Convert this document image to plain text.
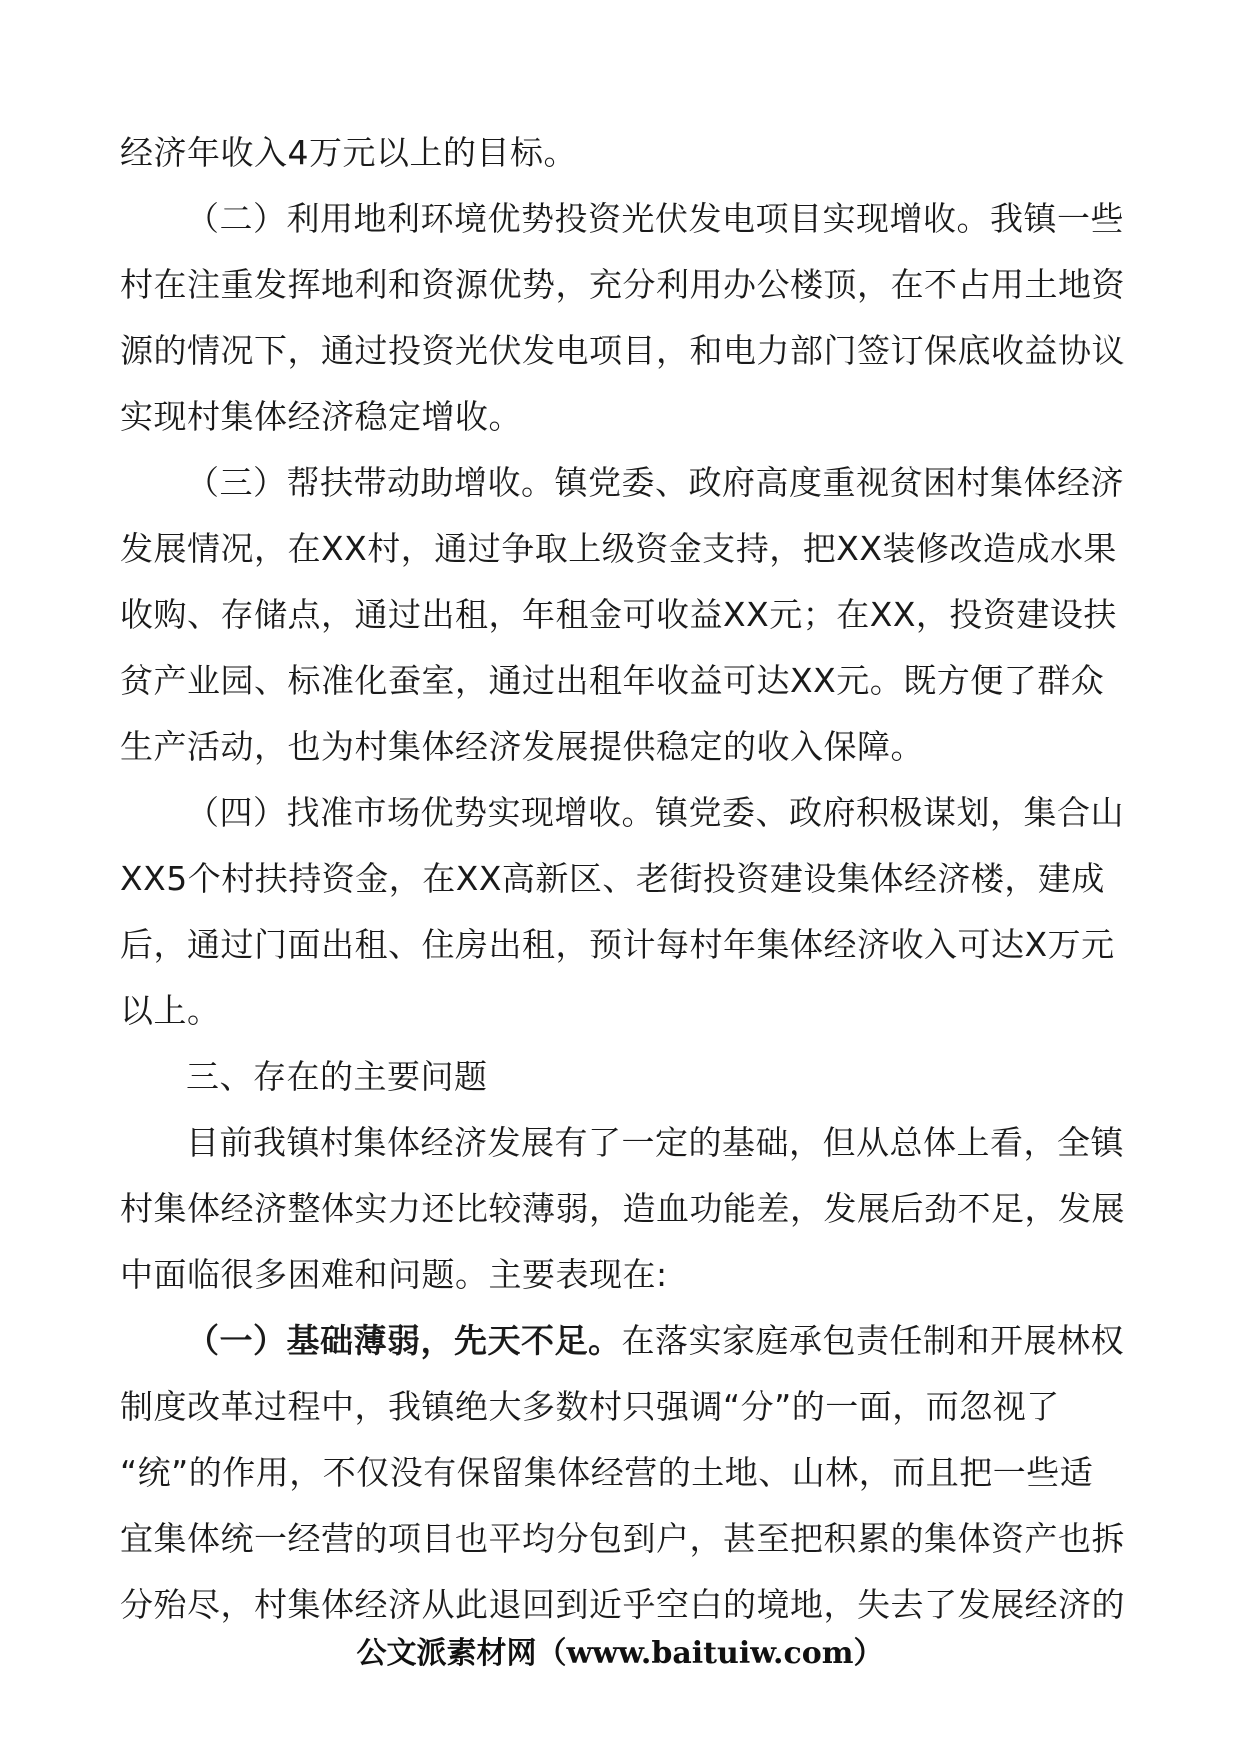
经济年收入4万元以上的目标。
（二）利用地利环境优势投资光伏发电项目实现增收。我镇一些
村在注重发挥地利和资源优势，充分利用办公楼顶，在不占用土地资
源的情况下，通过投资光伏发电项目，和电力部门签订保底收益协议
实现村集体经济稳定增收。
（三）帮扶带动助增收。镇党委、政府高度重视贫困村集体经济
发展情况，在XX村，通过争取上级资金支持，把XX装修改造成水果
收购、存储点，通过出租，年租金可收益XX元；在XX，投资建设扶
贫产业园、标准化蚕室，通过出租年收益可达XX元。既方便了群众
生产活动，也为村集体经济发展提供稳定的收入保障。
（四）找准市场优势实现增收。镇党委、政府积极谋划，集合山
XX5个村扶持资金，在XX高新区、老街投资建设集体经济楼，建成
后，通过门面出租、住房出租，预计每村年集体经济收入可达X万元
以上。
三、存在的主要问题
目前我镇村集体经济发展有了一定的基础，但从总体上看，全镇
村集体经济整体实力还比较薄弱，造血功能差，发展后劲不足，发展
中面临很多困难和问题。主要表现在:
（一）基础薄弱，先天不足。在落实家庭承包责任制和开展林权
制度改革过程中，我镇绝大多数村只强调“分”的一面，而忽视了
“统”的作用，不仅没有保留集体经营的土地、山林，而且把一些适
宜集体统一经营的项目也平均分包到户，甚至把积累的集体资产也拆
分殆尽，村集体经济从此退回到近乎空白的境地，失去了发展经济的
公文派素材网（www.baituiw.com）
